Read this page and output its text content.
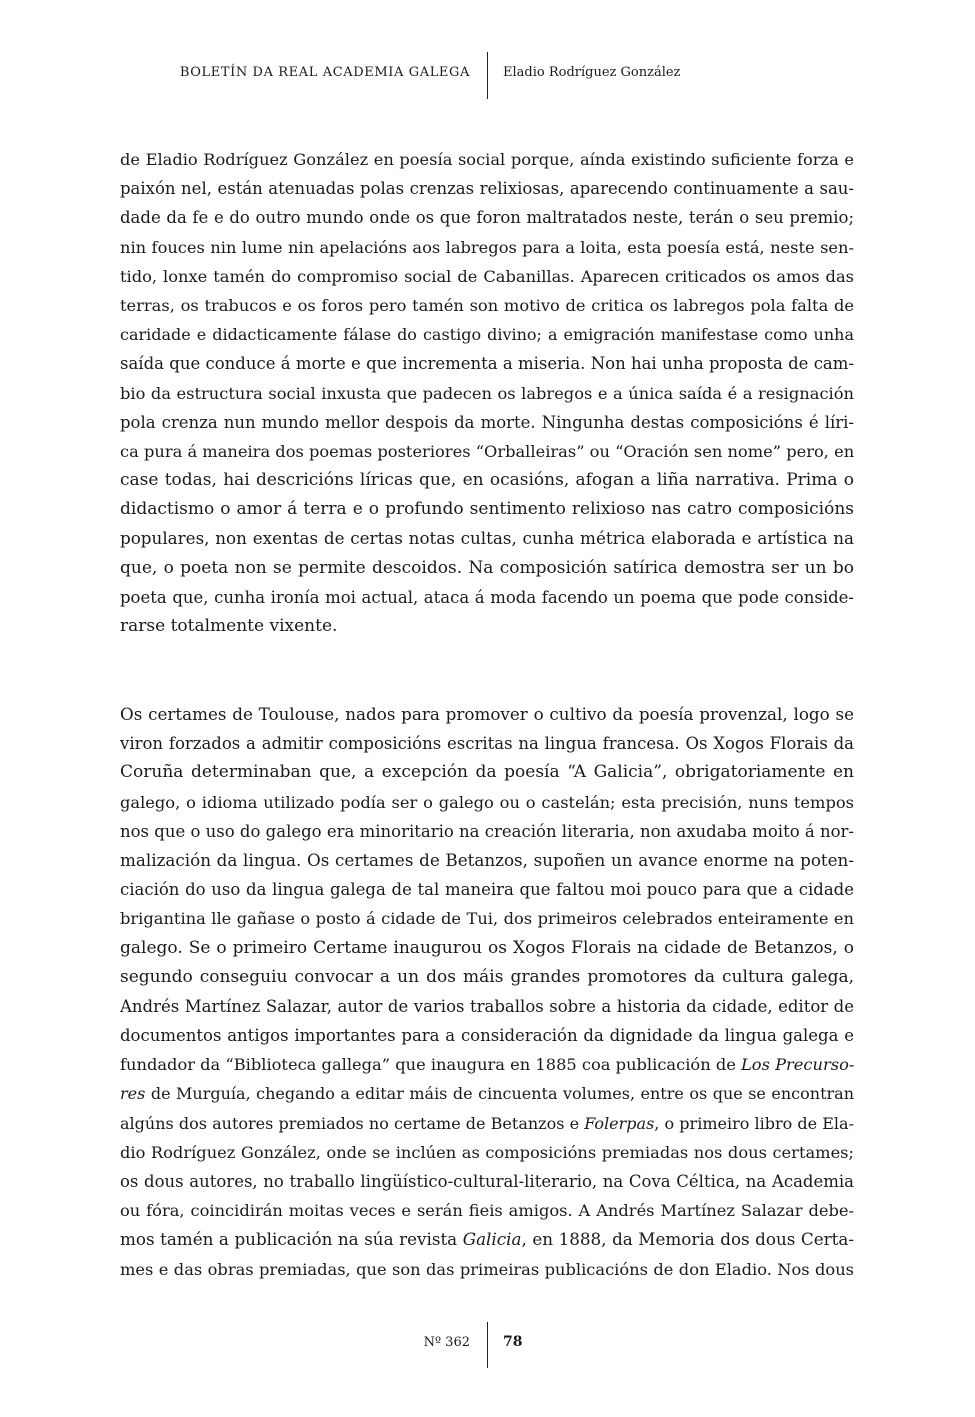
BOLETÍN DA REAL ACADEMIA GALEGA	Eladio Rodríguez González
de Eladio Rodríguez González en poesía social porque, aínda existindo suficiente forza e
paixón nel, están atenuadas polas crenzas relixiosas, aparecendo continuamente a sau-
dade da fe e do outro mundo onde os que foron maltratados neste, terán o seu premio;
nin fouces nin lume nin apelacións aos labregos para a loita, esta poesía está, neste sen-
tido, lonxe tamén do compromiso social de Cabanillas. Aparecen criticados os amos das
terras, os trabucos e os foros pero tamén son motivo de critica os labregos pola falta de
caridade e didacticamente fálase do castigo divino; a emigración manifestase como unha
saída que conduce á morte e que incrementa a miseria. Non hai unha proposta de cam-
bio da estructura social inxusta que padecen os labregos e a única saída é a resignación
pola crenza nun mundo mellor despois da morte. Ningunha destas composicións é líri-
ca pura á maneira dos poemas posteriores “Orballeiras” ou “Oración sen nome” pero, en
case todas, hai descricións líricas que, en ocasións, afogan a liña narrativa. Prima o
didactismo o amor á terra e o profundo sentimento relixioso nas catro composicións
populares, non exentas de certas notas cultas, cunha métrica elaborada e artística na
que, o poeta non se permite descoidos. Na composición satírica demostra ser un bo
poeta que, cunha ironía moi actual, ataca á moda facendo un poema que pode conside-
rarse totalmente vixente.
Os certames de Toulouse, nados para promover o cultivo da poesía provenzal, logo se
viron forzados a admitir composicións escritas na lingua francesa. Os Xogos Florais da
Coruña determinaban que, a excepción da poesía “A Galicia”, obrigatoriamente en
galego, o idioma utilizado podía ser o galego ou o castelán; esta precisión, nuns tempos
nos que o uso do galego era minoritario na creación literaria, non axudaba moito á nor-
malización da lingua. Os certames de Betanzos, supoñen un avance enorme na poten-
ciación do uso da lingua galega de tal maneira que faltou moi pouco para que a cidade
brigantina lle gañase o posto á cidade de Tui, dos primeiros celebrados enteiramente en
galego. Se o primeiro Certame inaugurou os Xogos Florais na cidade de Betanzos, o
segundo conseguiu convocar a un dos máis grandes promotores da cultura galega,
Andrés Martínez Salazar, autor de varios traballos sobre a historia da cidade, editor de
documentos antigos importantes para a consideración da dignidade da lingua galega e
fundador da “Biblioteca gallega” que inaugura en 1885 coa publicación de Los Precurso-
res de Murguía, chegando a editar máis de cincuenta volumes, entre os que se encontran
algúns dos autores premiados no certame de Betanzos e Folerpas, o primeiro libro de Ela-
dio Rodríguez González, onde se inclúen as composicións premiadas nos dous certames;
os dous autores, no traballo lingüístico-cultural-literario, na Cova Céltica, na Academia
ou fóra, coincidirán moitas veces e serán fieis amigos. A Andrés Martínez Salazar debe-
mos tamén a publicación na súa revista Galicia, en 1888, da Memoria dos dous Certa-
mes e das obras premiadas, que son das primeiras publicacións de don Eladio. Nos dous
Nº 362 78
